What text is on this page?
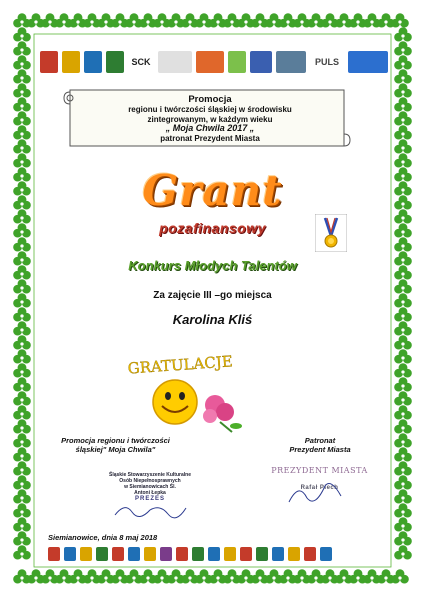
SCK	PULS
Promocja
regionu i twórczości śląskiej w środowisku
zintegrowanym, w każdym wieku
„ Moja Chwila 2017 „
patronat Prezydent Miasta
Grant
pozafinansowy
Konkurs Młodych Talentów
Za zajęcie III –go miejsca
Karolina Kliś
GRATULACJE
Promocja regionu i twórczości
śląskiej" Moja Chwila"
Patronat
Prezydent Miasta
Śląskie Stowarzyszenie Kulturalne
Osób Niepełnosprawnych
w Siemianowicach Śl.
Antoni Łepka
PREZES
PREZYDENT MIASTA
Rafał Piech
Siemianowice, dnia 8 maj 2018
